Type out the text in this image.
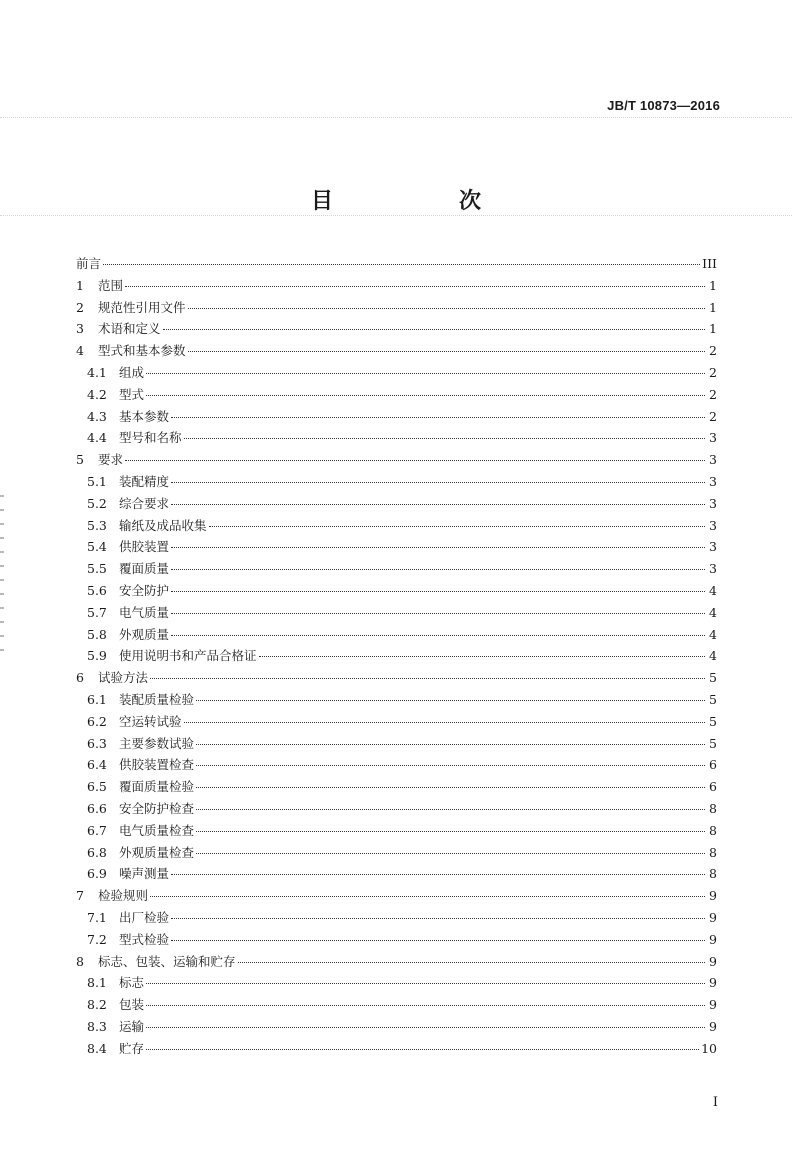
JB/T 10873—2016
目　次
前言	III
1	范围	1
2	规范性引用文件	1
3	术语和定义	1
4	型式和基本参数	2
4.1 组成	2
4.2 型式	2
4.3 基本参数	2
4.4 型号和名称	3
5	要求	3
5.1 装配精度	3
5.2 综合要求	3
5.3 输纸及成品收集	3
5.4 供胶装置	3
5.5 覆面质量	3
5.6 安全防护	4
5.7 电气质量	4
5.8 外观质量	4
5.9 使用说明书和产品合格证	4
6	试验方法	5
6.1 装配质量检验	5
6.2 空运转试验	5
6.3 主要参数试验	5
6.4 供胶装置检查	6
6.5 覆面质量检验	6
6.6 安全防护检查	8
6.7 电气质量检查	8
6.8 外观质量检查	8
6.9 噪声测量	8
7	检验规则	9
7.1 出厂检验	9
7.2 型式检验	9
8	标志、包装、运输和贮存	9
8.1 标志	9
8.2 包装	9
8.3 运输	9
8.4 贮存	10
I
